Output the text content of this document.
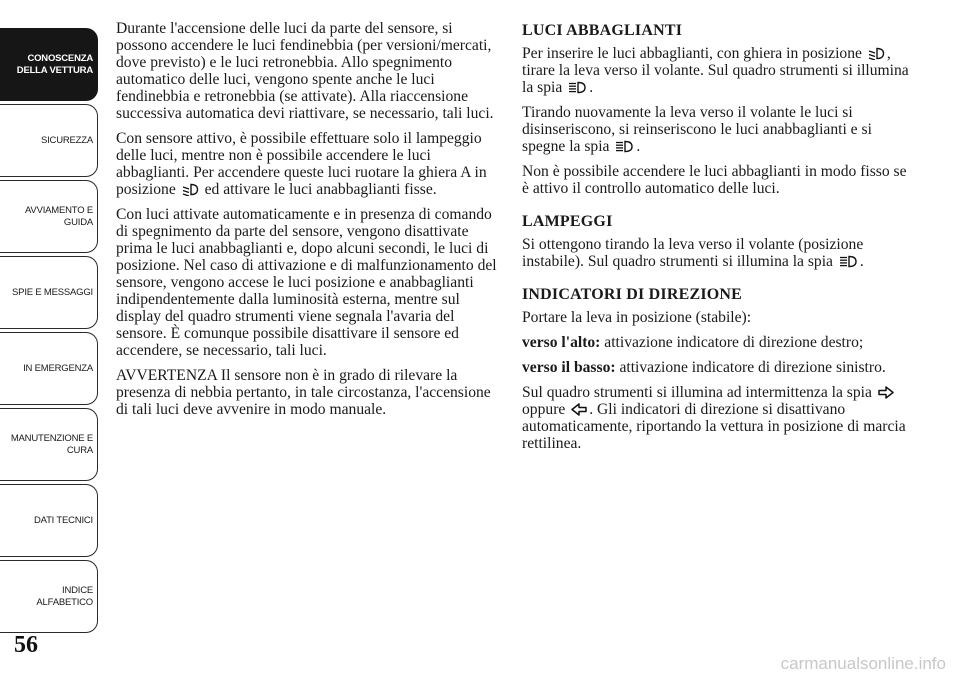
CONOSCENZA
DELLA VETTURA
SICUREZZA
AVVIAMENTO E
GUIDA
SPIE E MESSAGGI
IN EMERGENZA
MANUTENZIONE E
CURA
DATI TECNICI
INDICE
ALFABETICO
56
carmanualsonline.info

Durante l'accensione delle luci da parte del sensore, si possono accendere le luci fendinebbia (per versioni/mercati, dove previsto) e le luci retronebbia. Allo spegnimento automatico delle luci, vengono spente anche le luci fendinebbia e retronebbia (se attivate). Alla riaccensione successiva automatica devi riattivare, se necessario, tali luci.

Con sensore attivo, è possibile effettuare solo il lampeggio delle luci, mentre non è possibile accendere le luci abbaglianti. Per accendere queste luci ruotare la ghiera A in posizione ed attivare le luci anabbaglianti fisse.

Con luci attivate automaticamente e in presenza di comando di spegnimento da parte del sensore, vengono disattivate prima le luci anabbaglianti e, dopo alcuni secondi, le luci di posizione. Nel caso di attivazione e di malfunzionamento del sensore, vengono accese le luci posizione e anabbaglianti indipendentemente dalla luminosità esterna, mentre sul display del quadro strumenti viene segnala l'avaria del sensore. È comunque possibile disattivare il sensore ed accendere, se necessario, tali luci.

AVVERTENZA Il sensore non è in grado di rilevare la presenza di nebbia pertanto, in tale circostanza, l'accensione di tali luci deve avvenire in modo manuale.

LUCI ABBAGLIANTI

Per inserire le luci abbaglianti, con ghiera in posizione , tirare la leva verso il volante. Sul quadro strumenti si illumina la spia .

Tirando nuovamente la leva verso il volante le luci si disinseriscono, si reinseriscono le luci anabbaglianti e si spegne la spia .

Non è possibile accendere le luci abbaglianti in modo fisso se è attivo il controllo automatico delle luci.

LAMPEGGI

Si ottengono tirando la leva verso il volante (posizione instabile). Sul quadro strumenti si illumina la spia .

INDICATORI DI DIREZIONE

Portare la leva in posizione (stabile):

verso l'alto: attivazione indicatore di direzione destro;

verso il basso: attivazione indicatore di direzione sinistro.

Sul quadro strumenti si illumina ad intermittenza la spia oppure . Gli indicatori di direzione si disattivano automaticamente, riportando la vettura in posizione di marcia rettilinea.
